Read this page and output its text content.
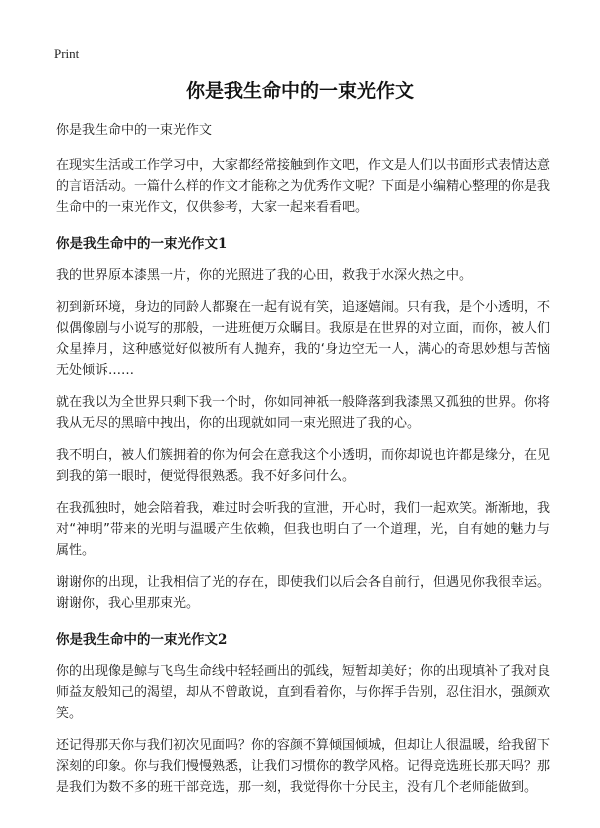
Print
你是我生命中的一束光作文

你是我生命中的一束光作文

在现实生活或工作学习中，大家都经常接触到作文吧，作文是人们以书面形式表情达意的言语活动。一篇什么样的作文才能称之为优秀作文呢？下面是小编精心整理的你是我生命中的一束光作文，仅供参考，大家一起来看看吧。

你是我生命中的一束光作文1

我的世界原本漆黑一片，你的光照进了我的心田，救我于水深火热之中。

初到新环境，身边的同龄人都聚在一起有说有笑，追逐嬉闹。只有我，是个小透明，不似偶像剧与小说写的那般，一进班便万众瞩目。我原是在世界的对立面，而你，被人们众星捧月，这种感觉好似被所有人抛弃，我的‘身边空无一人，满心的奇思妙想与苦恼无处倾诉……

就在我以为全世界只剩下我一个时，你如同神祇一般降落到我漆黑又孤独的世界。你将我从无尽的黑暗中拽出，你的出现就如同一束光照进了我的心。

我不明白，被人们簇拥着的你为何会在意我这个小透明，而你却说也许都是缘分，在见到我的第一眼时，便觉得很熟悉。我不好多问什么。

在我孤独时，她会陪着我，难过时会听我的宣泄，开心时，我们一起欢笑。渐渐地，我对“神明”带来的光明与温暖产生依赖，但我也明白了一个道理，光，自有她的魅力与属性。

谢谢你的出现，让我相信了光的存在，即使我们以后会各自前行，但遇见你我很幸运。谢谢你，我心里那束光。

你是我生命中的一束光作文2

你的出现像是鲸与飞鸟生命线中轻轻画出的弧线，短暂却美好；你的出现填补了我对良师益友般知己的渴望，却从不曾敢说，直到看着你，与你挥手告别，忍住泪水，强颜欢笑。

还记得那天你与我们初次见面吗？你的容颜不算倾国倾城，但却让人很温暖，给我留下深刻的印象。你与我们慢慢熟悉，让我们习惯你的教学风格。记得竞选班长那天吗？那是我们为数不多的班干部竞选，那一刻，我觉得你十分民主，没有几个老师能做到。
